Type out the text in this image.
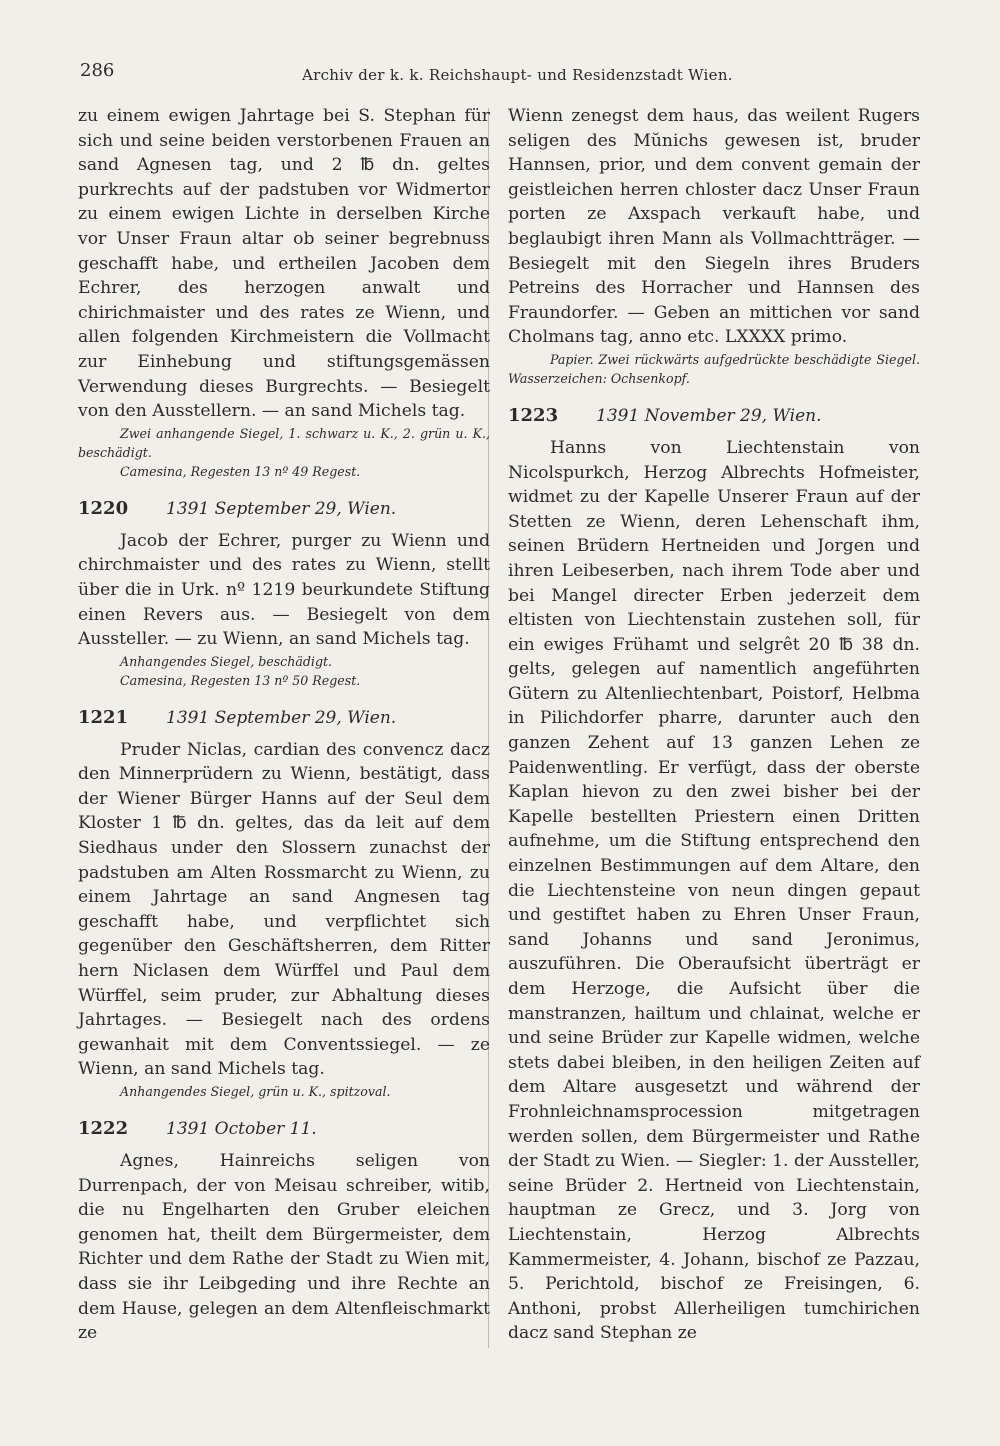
286	Archiv der k. k. Reichshaupt- und Residenzstadt Wien.

zu einem ewigen Jahrtage bei S. Stephan für sich und seine beiden verstorbenen Frauen an sand Agnesen tag, und 2 ℔ dn. geltes purkrechts auf der padstuben vor Widmertor zu einem ewigen Lichte in derselben Kirche vor Unser Fraun altar ob seiner begrebnuss geschafft habe, und ertheilen Jacoben dem Echrer, des herzogen anwalt und chirichmaister und des rates ze Wienn, und allen folgenden Kirchmeistern die Vollmacht zur Einhebung und stiftungsgemässen Verwendung dieses Burgrechts. — Besiegelt von den Ausstellern. — an sand Michels tag.

Zwei anhangende Siegel, 1. schwarz u. K., 2. grün u. K., beschädigt.

Camesina, Regesten 13 nº 49 Regest.

1220 1391 September 29, Wien.

Jacob der Echrer, purger zu Wienn und chirchmaister und des rates zu Wienn, stellt über die in Urk. nº 1219 beurkundete Stiftung einen Revers aus. — Besiegelt von dem Aussteller. — zu Wienn, an sand Michels tag.

Anhangendes Siegel, beschädigt.

Camesina, Regesten 13 nº 50 Regest.

1221 1391 September 29, Wien.

Pruder Niclas, cardian des convencz dacz den Minnerprüdern zu Wienn, bestätigt, dass der Wiener Bürger Hanns auf der Seul dem Kloster 1 ℔ dn. geltes, das da leit auf dem Siedhaus under den Slossern zunachst der padstuben am Alten Rossmarcht zu Wienn, zu einem Jahrtage an sand Angnesen tag geschafft habe, und verpflichtet sich gegenüber den Geschäftsherren, dem Ritter hern Niclasen dem Würffel und Paul dem Würffel, seim pruder, zur Abhaltung dieses Jahrtages. — Besiegelt nach des ordens gewanhait mit dem Conventssiegel. — ze Wienn, an sand Michels tag.

Anhangendes Siegel, grün u. K., spitzoval.

1222 1391 October 11.

Agnes, Hainreichs seligen von Durrenpach, der von Meisau schreiber, witib, die nu Engelharten den Gruber eleichen genomen hat, theilt dem Bürgermeister, dem Richter und dem Rathe der Stadt zu Wien mit, dass sie ihr Leibgeding und ihre Rechte an dem Hause, gelegen an dem Altenfleischmarkt ze

Wienn zenegst dem haus, das weilent Rugers seligen des Mŭnichs gewesen ist, bruder Hannsen, prior, und dem convent gemain der geistleichen herren chloster dacz Unser Fraun porten ze Axspach verkauft habe, und beglaubigt ihren Mann als Vollmachtträger. — Besiegelt mit den Siegeln ihres Bruders Petreins des Horracher und Hannsen des Fraundorfer. — Geben an mittichen vor sand Cholmans tag, anno etc. LXXXX primo.

Papier. Zwei rückwärts aufgedrückte beschädigte Siegel. Wasserzeichen: Ochsenkopf.

1223 1391 November 29, Wien.

Hanns von Liechtenstain von Nicolspurkch, Herzog Albrechts Hofmeister, widmet zu der Kapelle Unserer Fraun auf der Stetten ze Wienn, deren Lehenschaft ihm, seinen Brüdern Hertneiden und Jorgen und ihren Leibeserben, nach ihrem Tode aber und bei Mangel directer Erben jederzeit dem eltisten von Liechtenstain zustehen soll, für ein ewiges Frühamt und selgrêt 20 ℔ 38 dn. gelts, gelegen auf namentlich angeführten Gütern zu Altenliechtenbart, Poistorf, Helbma in Pilichdorfer pharre, darunter auch den ganzen Zehent auf 13 ganzen Lehen ze Paidenwentling. Er verfügt, dass der oberste Kaplan hievon zu den zwei bisher bei der Kapelle bestellten Priestern einen Dritten aufnehme, um die Stiftung entsprechend den einzelnen Bestimmungen auf dem Altare, den die Liechtensteine von neun dingen gepaut und gestiftet haben zu Ehren Unser Fraun, sand Johanns und sand Jeronimus, auszuführen. Die Oberaufsicht überträgt er dem Herzoge, die Aufsicht über die manstranzen, hailtum und chlainat, welche er und seine Brüder zur Kapelle widmen, welche stets dabei bleiben, in den heiligen Zeiten auf dem Altare ausgesetzt und während der Frohnleichnamsprocession mitgetragen werden sollen, dem Bürgermeister und Rathe der Stadt zu Wien. — Siegler: 1. der Aussteller, seine Brüder 2. Hertneid von Liechtenstain, hauptman ze Grecz, und 3. Jorg von Liechtenstain, Herzog Albrechts Kammermeister, 4. Johann, bischof ze Pazzau, 5. Perichtold, bischof ze Freisingen, 6. Anthoni, probst Allerheiligen tumchirichen dacz sand Stephan ze
